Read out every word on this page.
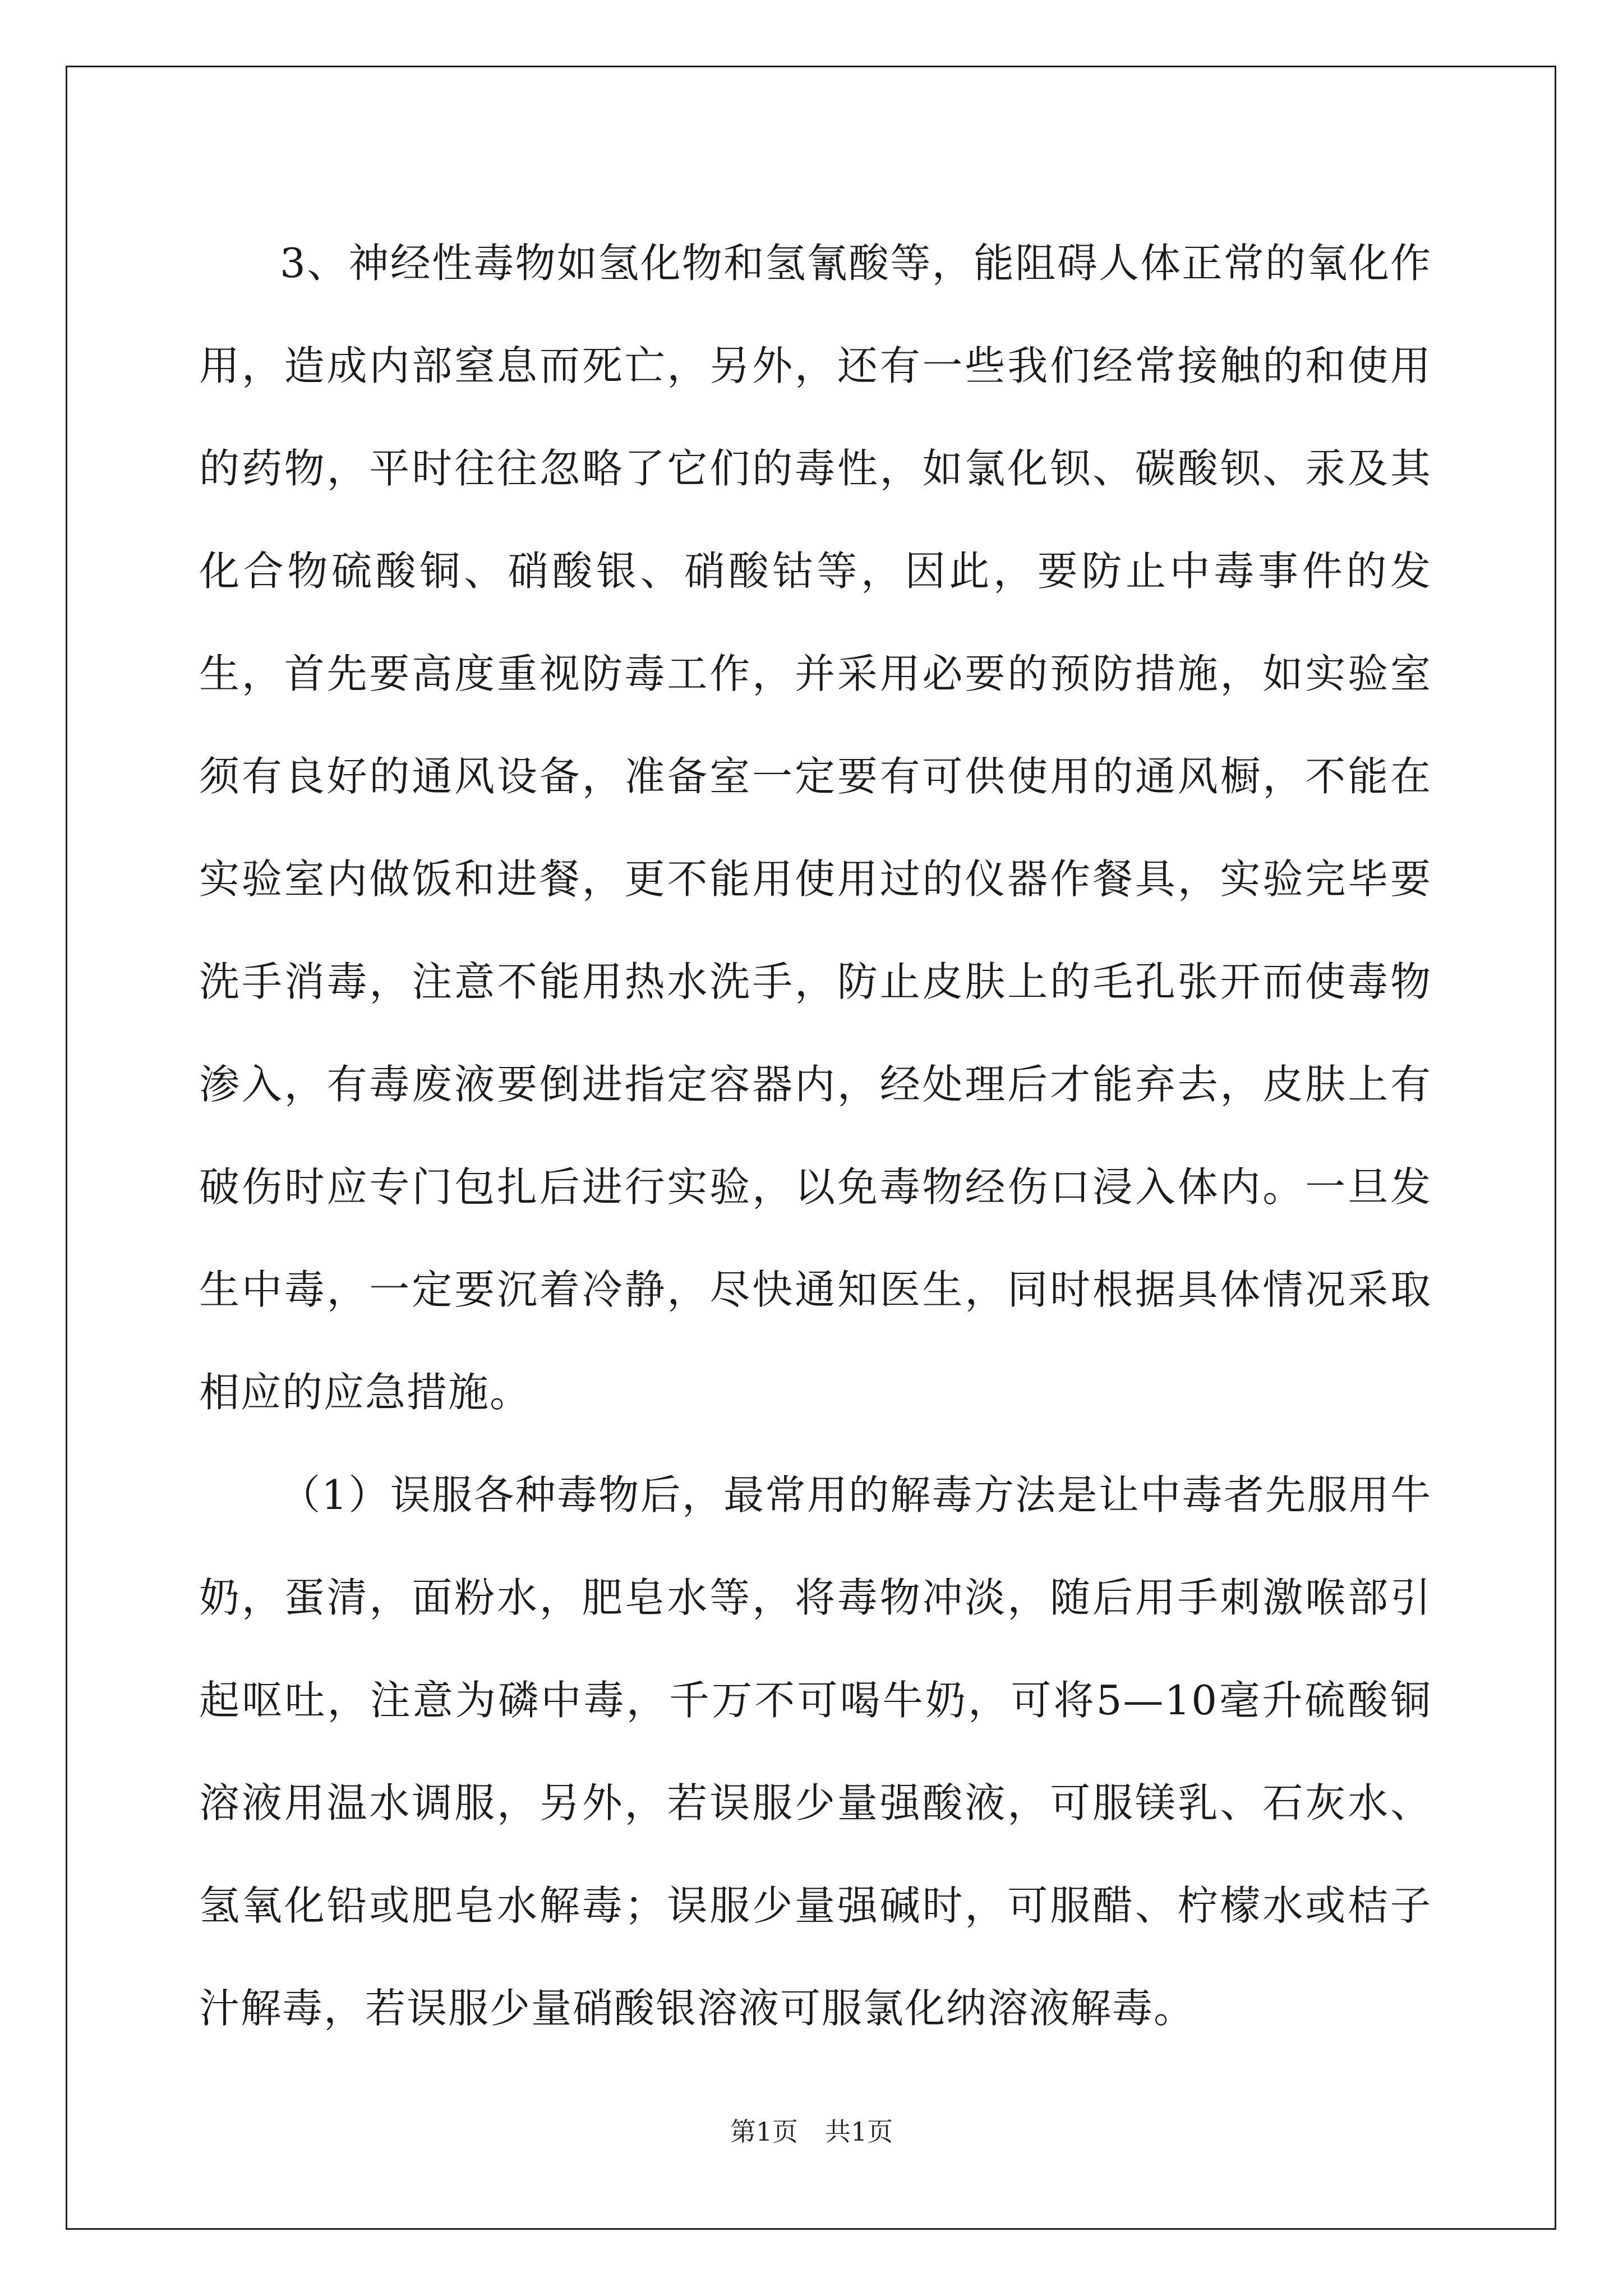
3、神经性毒物如氢化物和氢氰酸等，能阻碍人体正常的氧化作用，造成内部窒息而死亡，另外，还有一些我们经常接触的和使用的药物，平时往往忽略了它们的毒性，如氯化钡、碳酸钡、汞及其化合物硫酸铜、硝酸银、硝酸钴等，因此，要防止中毒事件的发生，首先要高度重视防毒工作，并采用必要的预防措施，如实验室须有良好的通风设备，准备室一定要有可供使用的通风橱，不能在实验室内做饭和进餐，更不能用使用过的仪器作餐具，实验完毕要洗手消毒，注意不能用热水洗手，防止皮肤上的毛孔张开而使毒物渗入，有毒废液要倒进指定容器内，经处理后才能弃去，皮肤上有破伤时应专门包扎后进行实验，以免毒物经伤口浸入体内。一旦发生中毒，一定要沉着冷静，尽快通知医生，同时根据具体情况采取相应的应急措施。

（1）误服各种毒物后，最常用的解毒方法是让中毒者先服用牛奶，蛋清，面粉水，肥皂水等，将毒物冲淡，随后用手刺激喉部引起呕吐，注意为磷中毒，千万不可喝牛奶，可将5—10毫升硫酸铜溶液用温水调服，另外，若误服少量强酸液，可服镁乳、石灰水、氢氧化铅或肥皂水解毒；误服少量强碱时，可服醋、柠檬水或桔子汁解毒，若误服少量硝酸银溶液可服氯化纳溶液解毒。

第1页 共1页
